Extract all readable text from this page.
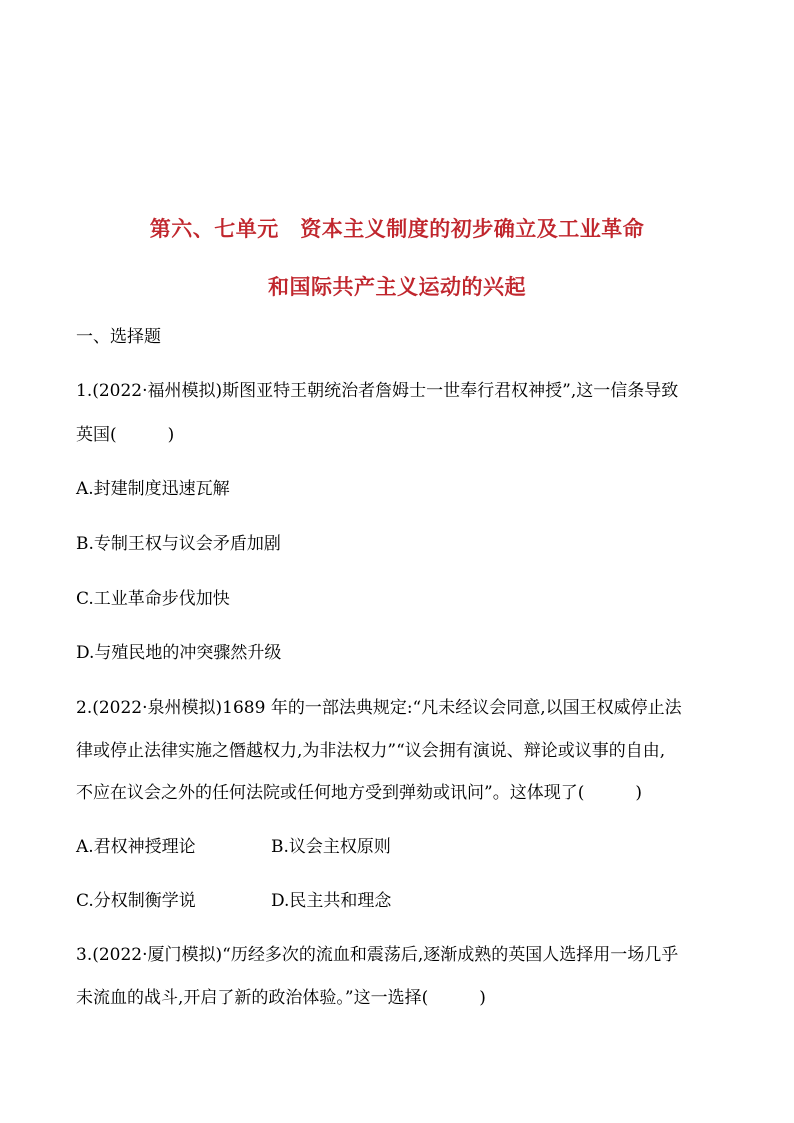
第六、七单元　资本主义制度的初步确立及工业革命
和国际共产主义运动的兴起
一、选择题
1.(2022·福州模拟)斯图亚特王朝统治者詹姆士一世奉行君权神授”,这一信条导致
英国(　　　)
A.封建制度迅速瓦解
B.专制王权与议会矛盾加剧
C.工业革命步伐加快
D.与殖民地的冲突骤然升级
2.(2022·泉州模拟)1689 年的一部法典规定:“凡未经议会同意,以国王权威停止法
律或停止法律实施之僭越权力,为非法权力”“议会拥有演说、辩论或议事的自由,
不应在议会之外的任何法院或任何地方受到弹劾或讯问”。这体现了(　　　)
A.君权神授理论	B.议会主权原则
C.分权制衡学说	D.民主共和理念
3.(2022·厦门模拟)“历经多次的流血和震荡后,逐渐成熟的英国人选择用一场几乎
未流血的战斗,开启了新的政治体验。”这一选择(　　　)
